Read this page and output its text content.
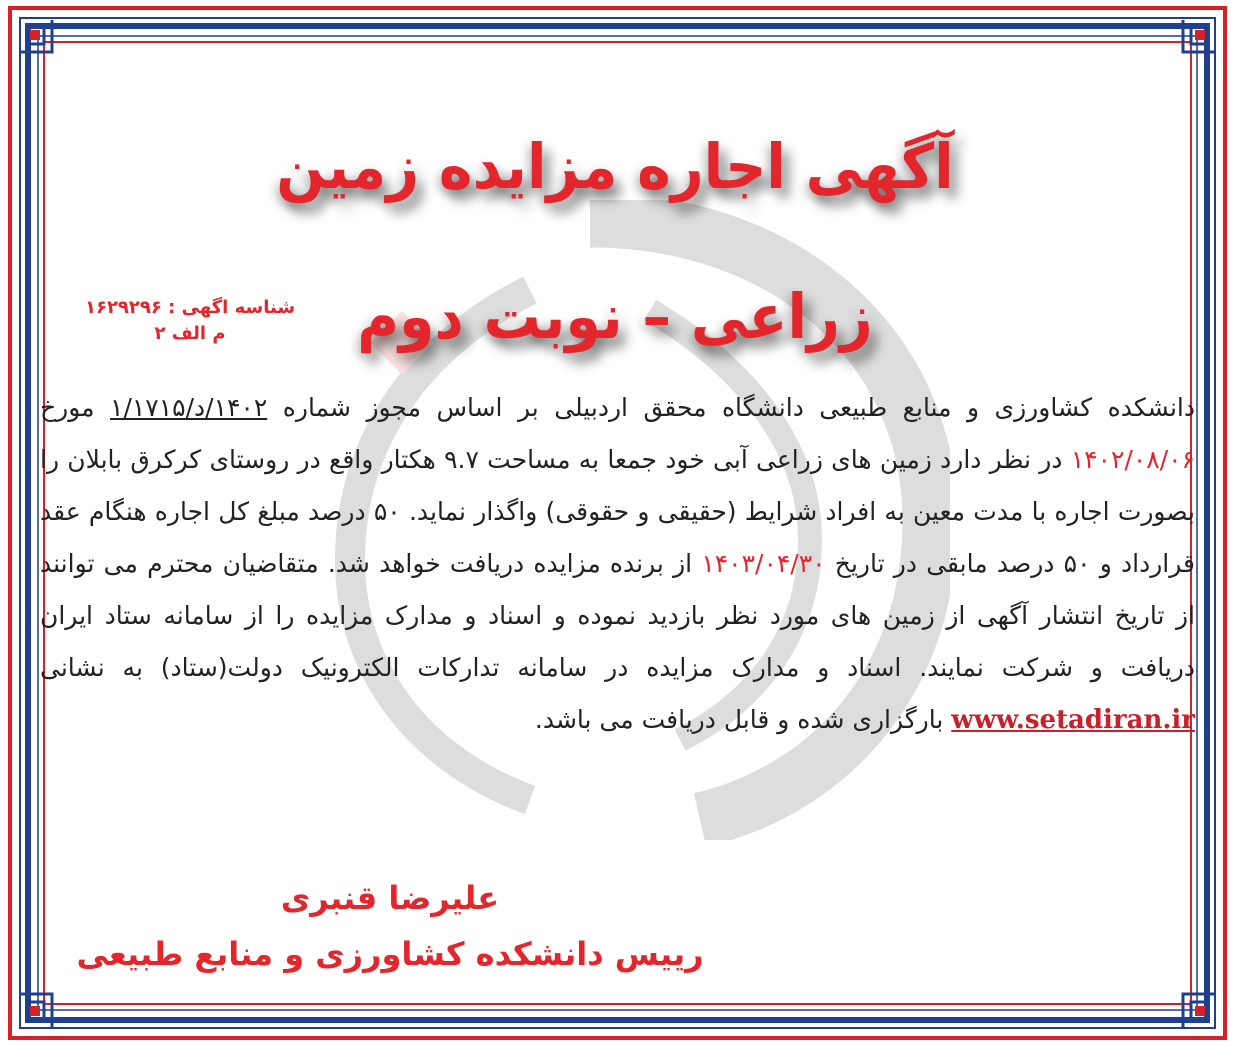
آگهی اجاره مزایده زمین زراعی – نوبت دوم
شناسه اگهی : ۱۶۲۹۲۹۶
م الف ۲
دانشکده کشاورزی و منابع طبیعی دانشگاه محقق اردبیلی بر اساس مجوز شماره ۱۴۰۲/د/۱/۱۷۱۵ مورخ ۱۴۰۲/۰۸/۰۶ در نظر دارد زمین های زراعی آبی خود جمعا به مساحت ۹.۷ هکتار واقع در روستای کرکرق بابلان را بصورت اجاره با مدت معین به افراد شرایط (حقیقی و حقوقی) واگذار نماید. ۵۰ درصد مبلغ کل اجاره هنگام عقد قرارداد و ۵۰ درصد مابقی در تاریخ ۱۴۰۳/۰۴/۳۰ از برنده مزایده دریافت خواهد شد. متقاضیان محترم می توانند از تاریخ انتشار آگهی از زمین های مورد نظر بازدید نموده و اسناد و مدارک مزایده را از سامانه ستاد ایران دریافت و شرکت نمایند. اسناد و مدارک مزایده در سامانه تدارکات الکترونیک دولت(ستاد) به نشانی www.setadiran.ir بارگزاری شده و قابل دریافت می باشد.
علیرضا قنبری
رییس دانشکده کشاورزی و منابع طبیعی
